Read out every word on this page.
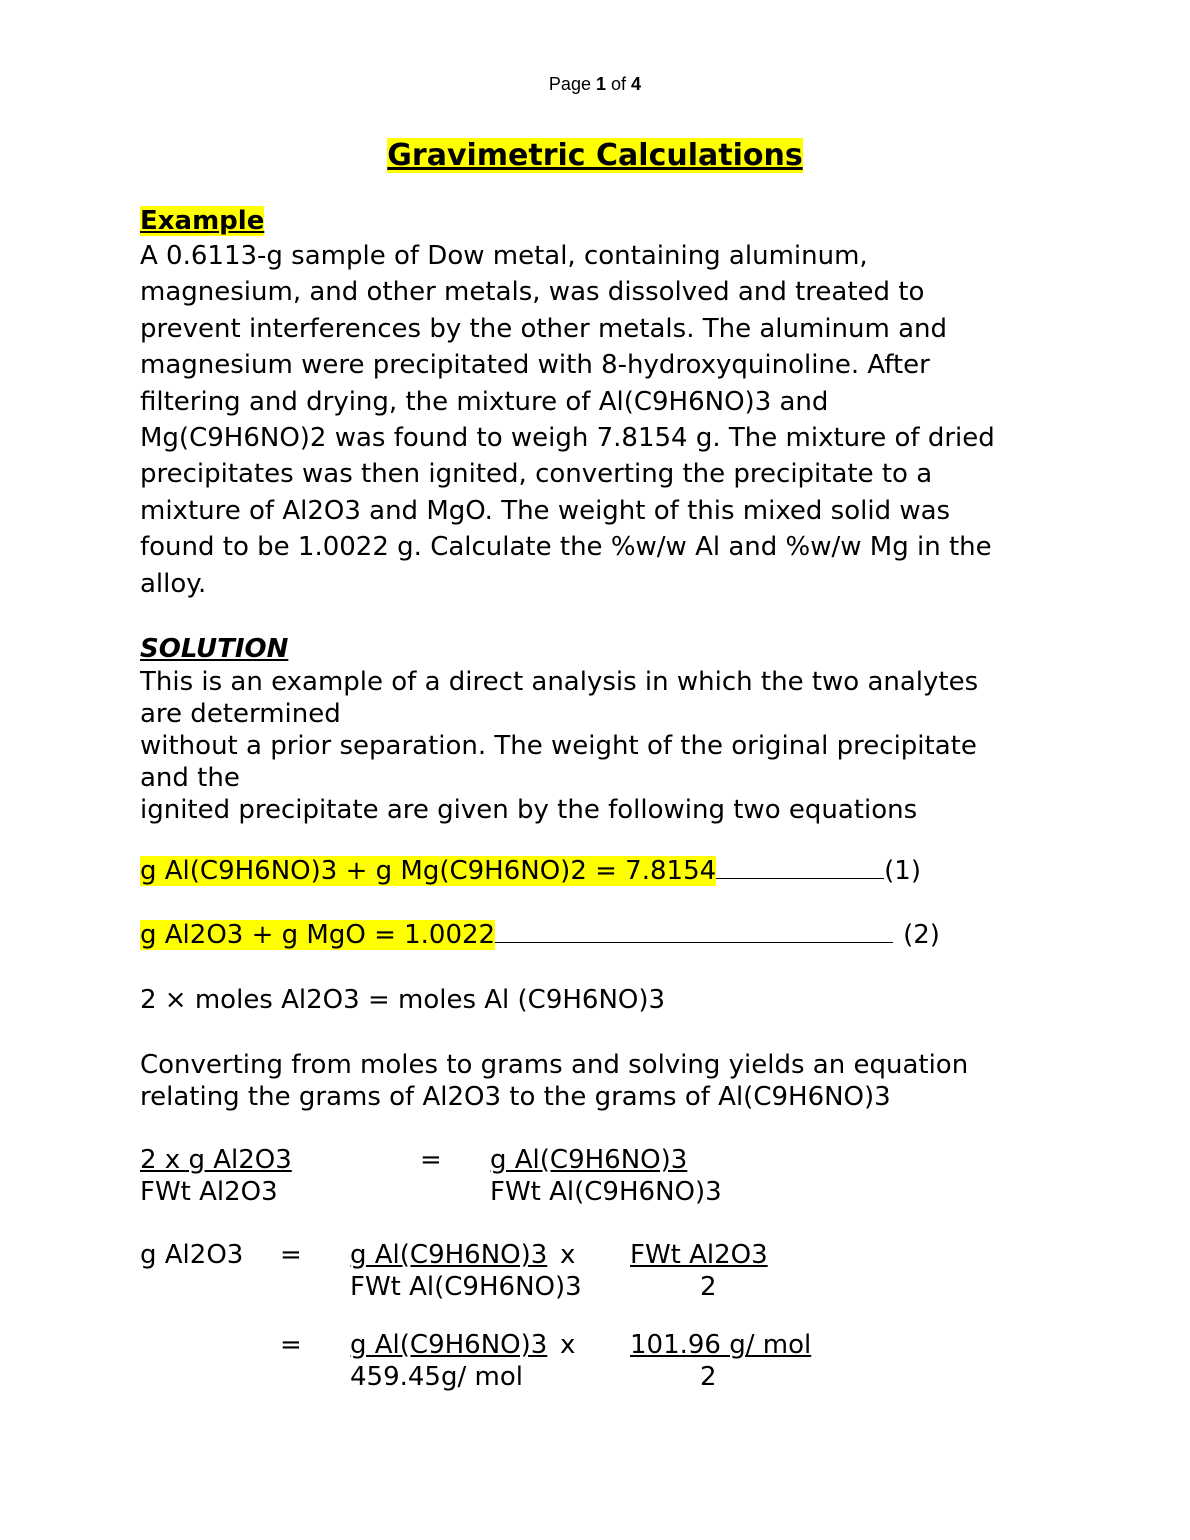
Page 1 of 4
Gravimetric Calculations
Example
A 0.6113-g sample of Dow metal, containing aluminum,
magnesium, and other metals, was dissolved and treated to
prevent interferences by the other metals. The aluminum and
magnesium were precipitated with 8-hydroxyquinoline. After
filtering and drying, the mixture of Al(C9H6NO)3 and
Mg(C9H6NO)2 was found to weigh 7.8154 g. The mixture of dried
precipitates was then ignited, converting the precipitate to a
mixture of Al2O3 and MgO. The weight of this mixed solid was
found to be 1.0022 g. Calculate the %w/w Al and %w/w Mg in the
alloy.
SOLUTION
This is an example of a direct analysis in which the two analytes
are determined
without a prior separation. The weight of the original precipitate
and the
ignited precipitate are given by the following two equations
g Al(C9H6NO)3 + g Mg(C9H6NO)2 = 7.8154	(1)
g Al2O3 + g MgO = 1.0022	(2)
2 × moles Al2O3 = moles Al (C9H6NO)3
Converting from moles to grams and solving yields an equation
relating the grams of Al2O3 to the grams of Al(C9H6NO)3
2 x g Al2O3
FWt Al2O3
= g Al(C9H6NO)3
FWt Al(C9H6NO)3
g Al2O3 = g Al(C9H6NO)3
FWt Al(C9H6NO)3
x FWt Al2O3
2
= g Al(C9H6NO)3
459.45g/ mol
x 101.96 g/ mol
2
